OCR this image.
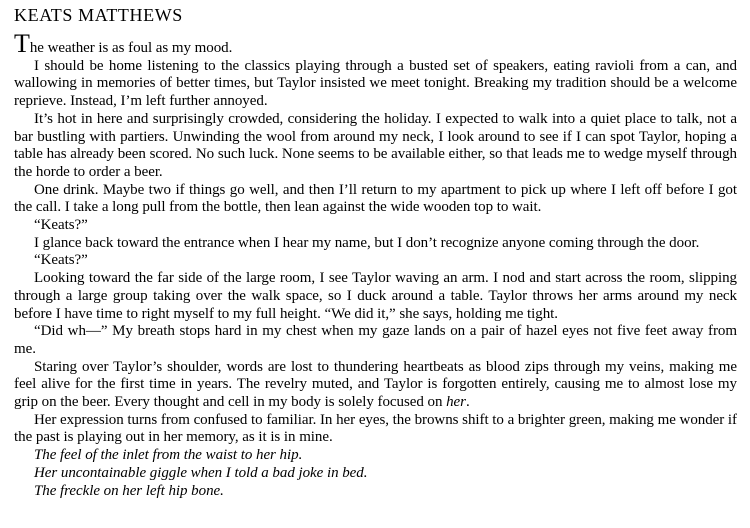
KEATS MATTHEWS

The weather is as foul as my mood.

I should be home listening to the classics playing through a busted set of speakers, eating ravioli from a can, and wallowing in memories of better times, but Taylor insisted we meet tonight. Breaking my tradition should be a welcome reprieve. Instead, I’m left further annoyed.

It’s hot in here and surprisingly crowded, considering the holiday. I expected to walk into a quiet place to talk, not a bar bustling with partiers. Unwinding the wool from around my neck, I look around to see if I can spot Taylor, hoping a table has already been scored. No such luck. None seems to be available either, so that leads me to wedge myself through the horde to order a beer.

One drink. Maybe two if things go well, and then I’ll return to my apartment to pick up where I left off before I got the call. I take a long pull from the bottle, then lean against the wide wooden top to wait.

“Keats?”

I glance back toward the entrance when I hear my name, but I don’t recognize anyone coming through the door.

“Keats?”

Looking toward the far side of the large room, I see Taylor waving an arm. I nod and start across the room, slipping through a large group taking over the walk space, so I duck around a table. Taylor throws her arms around my neck before I have time to right myself to my full height. “We did it,” she says, holding me tight.

“Did wh—” My breath stops hard in my chest when my gaze lands on a pair of hazel eyes not five feet away from me.

Staring over Taylor’s shoulder, words are lost to thundering heartbeats as blood zips through my veins, making me feel alive for the first time in years. The revelry muted, and Taylor is forgotten entirely, causing me to almost lose my grip on the beer. Every thought and cell in my body is solely focused on her.

Her expression turns from confused to familiar. In her eyes, the browns shift to a brighter green, making me wonder if the past is playing out in her memory, as it is in mine.

The feel of the inlet from the waist to her hip.

Her uncontainable giggle when I told a bad joke in bed.

The freckle on her left hip bone.
